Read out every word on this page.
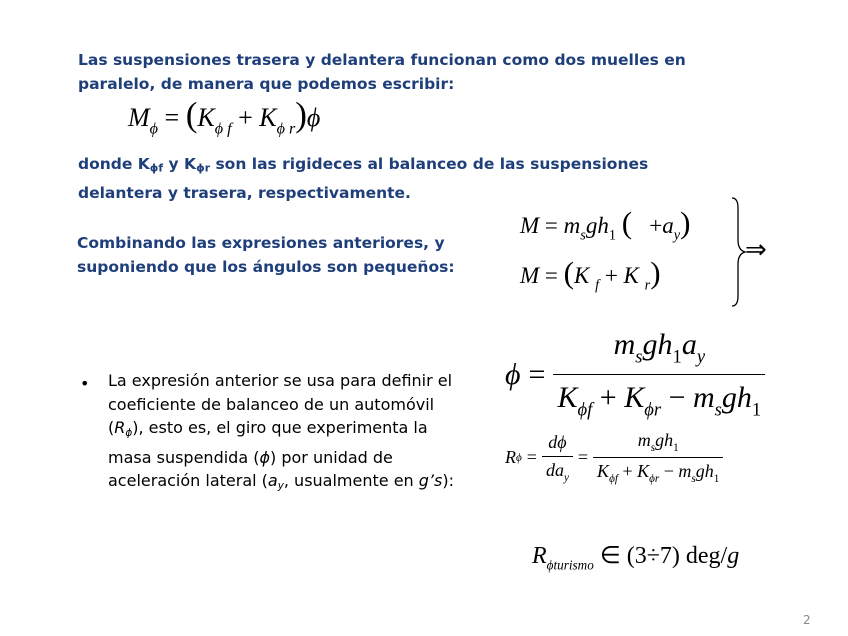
Las suspensiones trasera y delantera funcionan como dos muelles en
paralelo, de manera que podemos escribir:
$M_\phi = (K_{\phi f} + K_{\phi r})\phi$
donde Kϕf y Kϕr son las rigideces al balanceo de las suspensiones
delantera y trasera, respectivamente.
Combinando las expresiones anteriores, y
suponiendo que los ángulos son pequeños:
$M = m_sgh_1$ ( $+a_y$)
M = (K $_f$ + K $_r$)
⇒
$\phi = \frac{m_sgh_1a_y}{K_{\phi f} + K_{\phi r} - m_sgh_1}$
• La expresión anterior se usa para definir el
coeficiente de balanceo de un automóvil
(Rϕ), esto es, el giro que experimenta la
masa suspendida (ϕ) por unidad de
aceleración lateral (ay, usualmente en g’s):
R $\phi = \frac{d\phi}{da_y} = \frac{m_sgh_1}{K_{\phi f} + K_{\phi r} - m_sgh_1}$
$R_{\phi turismo}$ ∈ (3÷7) deg/g
2
